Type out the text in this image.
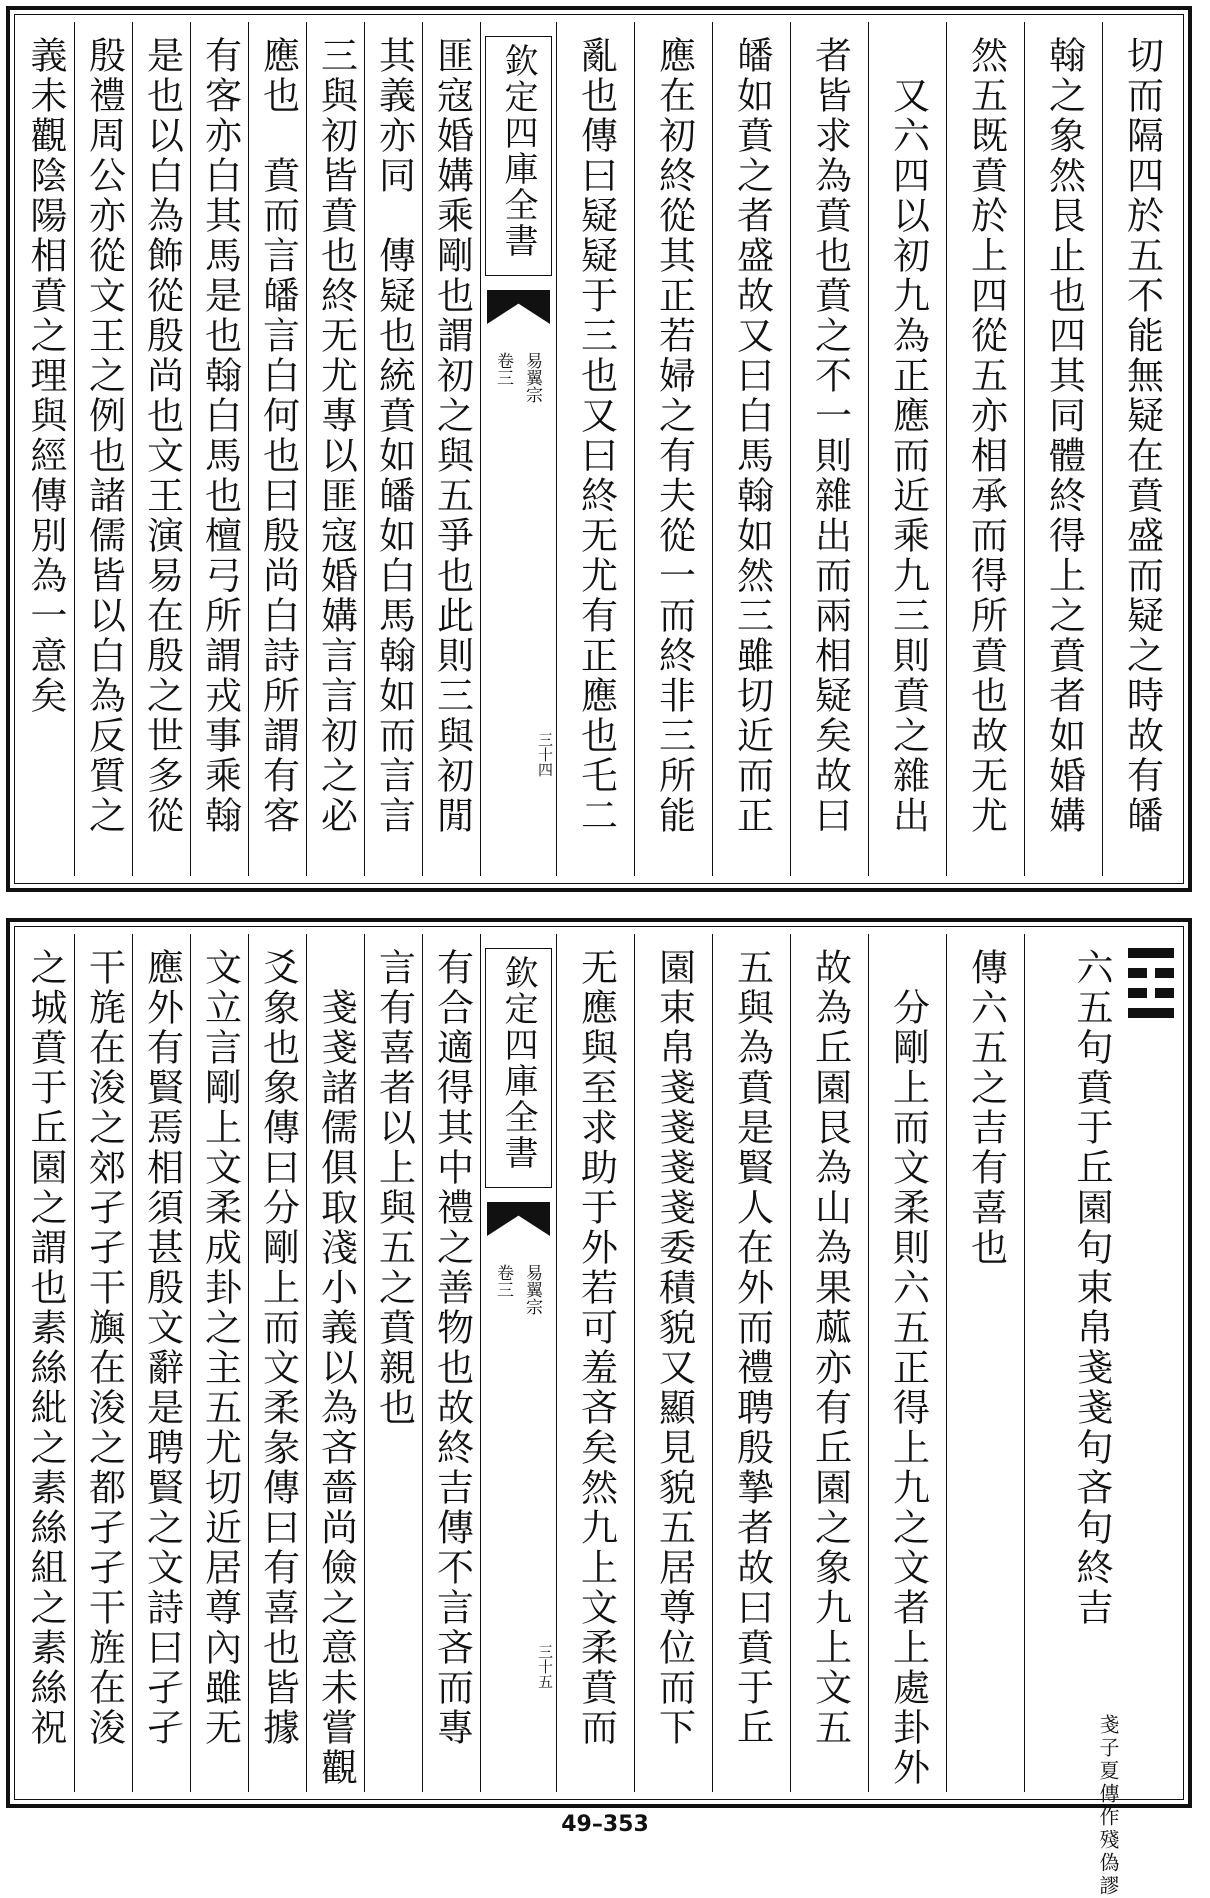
義未觀陰陽相賁之理與經傳別為一意矣 殷禮周公亦從文王之例也諸儒皆以白為反質之 是也以白為飾從殷尚也文王演易在殷之世多從 有客亦白其馬是也翰白馬也檀弓所謂戎事乘翰 應也　賁而言皤言白何也曰殷尚白詩所謂有客 三與初皆賁也終无尤專以匪寇婚媾言言初之必 其義亦同　傳疑也統賁如皤如白馬翰如而言言 匪寇婚媾乘剛也謂初之與五爭也此則三與初閒 欽定四庫全書
易翼宗
卷三
三十四 亂也傳曰疑疑于三也又曰終无尤有正應也乇二 應在初終從其正若婦之有夫從一而終非三所能 皤如賁之者盛故又曰白馬翰如然三雖切近而正 者皆求為賁也賁之不一則雜出而兩相疑矣故曰 　又六四以初九為正應而近乘九三則賁之雜出 然五既賁於上四從五亦相承而得所賁也故无尤 翰之象然艮止也四其同體終得上之賁者如婚媾 切而隔四於五不能無疑在賁盛而疑之時故有皤
之城賁于丘園之謂也素絲紕之素絲組之素絲祝 干旄在浚之郊孑孑干旟在浚之都孑孑干旌在浚 應外有賢焉相須甚殷文辭是聘賢之文詩曰孑孑 文立言剛上文柔成卦之主五尤切近居尊內雖无 爻象也象傳曰分剛上而文柔彖傳曰有喜也皆據 　戔戔諸儒俱取淺小義以為吝嗇尚儉之意未嘗觀 言有喜者以上與五之賁親也 有合適得其中禮之善物也故終吉傳不言吝而專 欽定四庫全書
易翼宗
卷三
三十五 无應與至求助于外若可羞吝矣然九上文柔賁而 園束帛戔戔戔戔委積貌又顯見貌五居尊位而下 五與為賁是賢人在外而禮聘殷摯者故曰賁于丘 故為丘園艮為山為果蓏亦有丘園之象九上文五 　分剛上而文柔則六五正得上九之文者上處卦外 傳六五之吉有喜也 六五句賁于丘園句束帛戔戔句吝句終吉
戔子夏傳作殘偽謬
49–353
